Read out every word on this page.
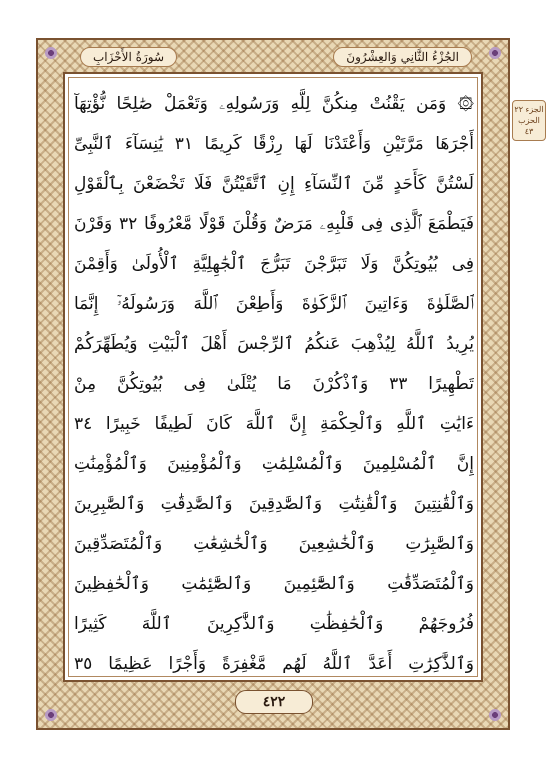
سُورَةُ الأَحْزَابِ	الجُزْءُ الثَّانِي وَالعِشْرُونَ
الجزء ٢٢
الحزب ٤٣
۞ وَمَن يَقْنُتْ مِنكُنَّ لِلَّهِ وَرَسُولِهِۦ وَتَعْمَلْ صَٰلِحًا نُّؤْتِهَآ
أَجْرَهَا مَرَّتَيْنِ وَأَعْتَدْنَا لَهَا رِزْقًا كَرِيمًا ٣١ يَٰنِسَآءَ ٱلنَّبِىِّ
لَسْتُنَّ كَأَحَدٍ مِّنَ ٱلنِّسَآءِ إِنِ ٱتَّقَيْتُنَّ فَلَا تَخْضَعْنَ بِٱلْقَوْلِ
فَيَطْمَعَ ٱلَّذِى فِى قَلْبِهِۦ مَرَضٌ وَقُلْنَ قَوْلًا مَّعْرُوفًا ٣٢ وَقَرْنَ
فِى بُيُوتِكُنَّ وَلَا تَبَرَّجْنَ تَبَرُّجَ ٱلْجَٰهِلِيَّةِ ٱلْأُولَىٰ وَأَقِمْنَ
ٱلصَّلَوٰةَ وَءَاتِينَ ٱلزَّكَوٰةَ وَأَطِعْنَ ٱللَّهَ وَرَسُولَهُۥٓ إِنَّمَا
يُرِيدُ ٱللَّهُ لِيُذْهِبَ عَنكُمُ ٱلرِّجْسَ أَهْلَ ٱلْبَيْتِ وَيُطَهِّرَكُمْ
تَطْهِيرًا ٣٣ وَٱذْكُرْنَ مَا يُتْلَىٰ فِى بُيُوتِكُنَّ مِنْ
ءَايَٰتِ ٱللَّهِ وَٱلْحِكْمَةِ إِنَّ ٱللَّهَ كَانَ لَطِيفًا خَبِيرًا ٣٤
إِنَّ ٱلْمُسْلِمِينَ وَٱلْمُسْلِمَٰتِ وَٱلْمُؤْمِنِينَ وَٱلْمُؤْمِنَٰتِ
وَٱلْقَٰنِتِينَ وَٱلْقَٰنِتَٰتِ وَٱلصَّٰدِقِينَ وَٱلصَّٰدِقَٰتِ وَٱلصَّٰبِرِينَ
وَٱلصَّٰبِرَٰتِ وَٱلْخَٰشِعِينَ وَٱلْخَٰشِعَٰتِ وَٱلْمُتَصَدِّقِينَ
وَٱلْمُتَصَدِّقَٰتِ وَٱلصَّٰٓئِمِينَ وَٱلصَّٰٓئِمَٰتِ وَٱلْحَٰفِظِينَ
فُرُوجَهُمْ وَٱلْحَٰفِظَٰتِ وَٱلذَّٰكِرِينَ ٱللَّهَ كَثِيرًا
وَٱلذَّٰكِرَٰتِ أَعَدَّ ٱللَّهُ لَهُم مَّغْفِرَةً وَأَجْرًا عَظِيمًا ٣٥
٤٢٢
